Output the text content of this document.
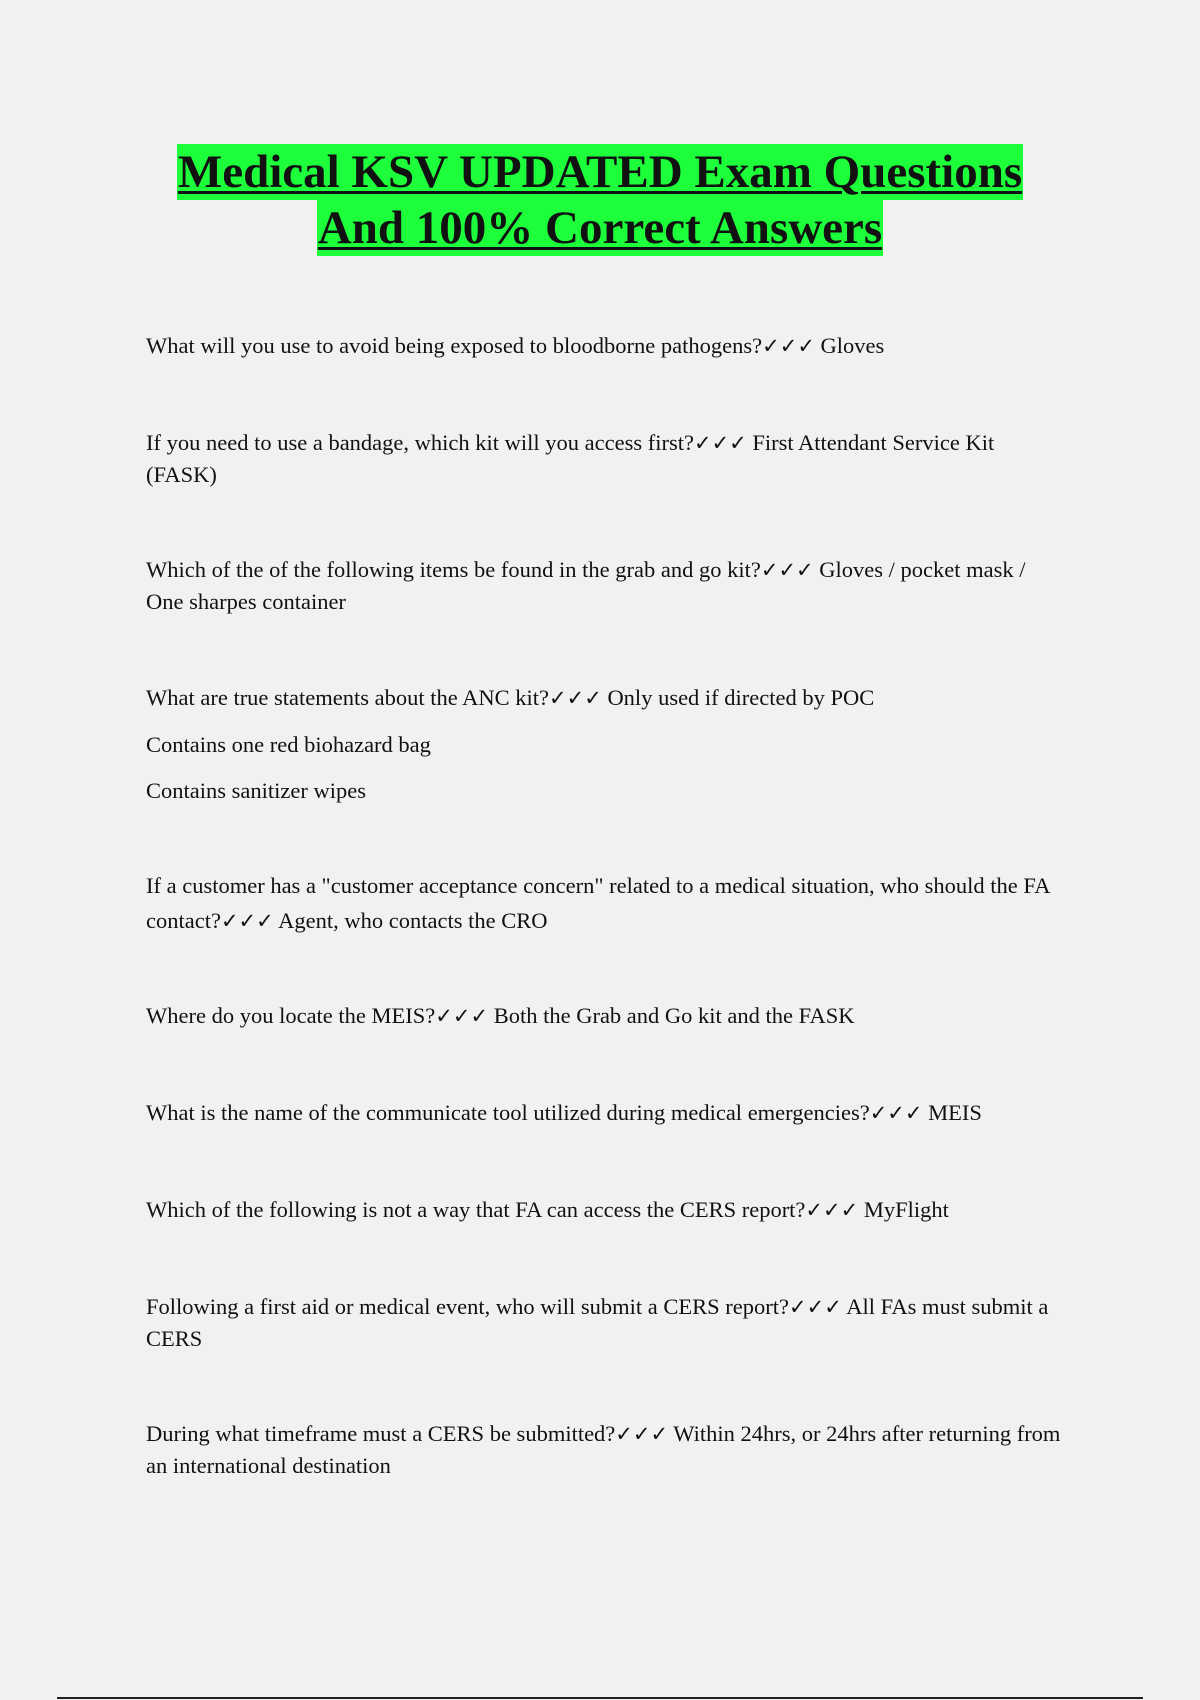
Medical KSV UPDATED Exam Questions
And 100% Correct Answers

What will you use to avoid being exposed to bloodborne pathogens?✓✓✓ Gloves

If you need to use a bandage, which kit will you access first?✓✓✓ First Attendant Service Kit (FASK)

Which of the of the following items be found in the grab and go kit?✓✓✓ Gloves / pocket mask / One sharpes container

What are true statements about the ANC kit?✓✓✓ Only used if directed by POC

Contains one red biohazard bag

Contains sanitizer wipes

If a customer has a "customer acceptance concern" related to a medical situation, who should the FA contact?✓✓✓ Agent, who contacts the CRO

Where do you locate the MEIS?✓✓✓ Both the Grab and Go kit and the FASK

What is the name of the communicate tool utilized during medical emergencies?✓✓✓ MEIS

Which of the following is not a way that FA can access the CERS report?✓✓✓ MyFlight

Following a first aid or medical event, who will submit a CERS report?✓✓✓ All FAs must submit a CERS

During what timeframe must a CERS be submitted?✓✓✓ Within 24hrs, or 24hrs after returning from an international destination
